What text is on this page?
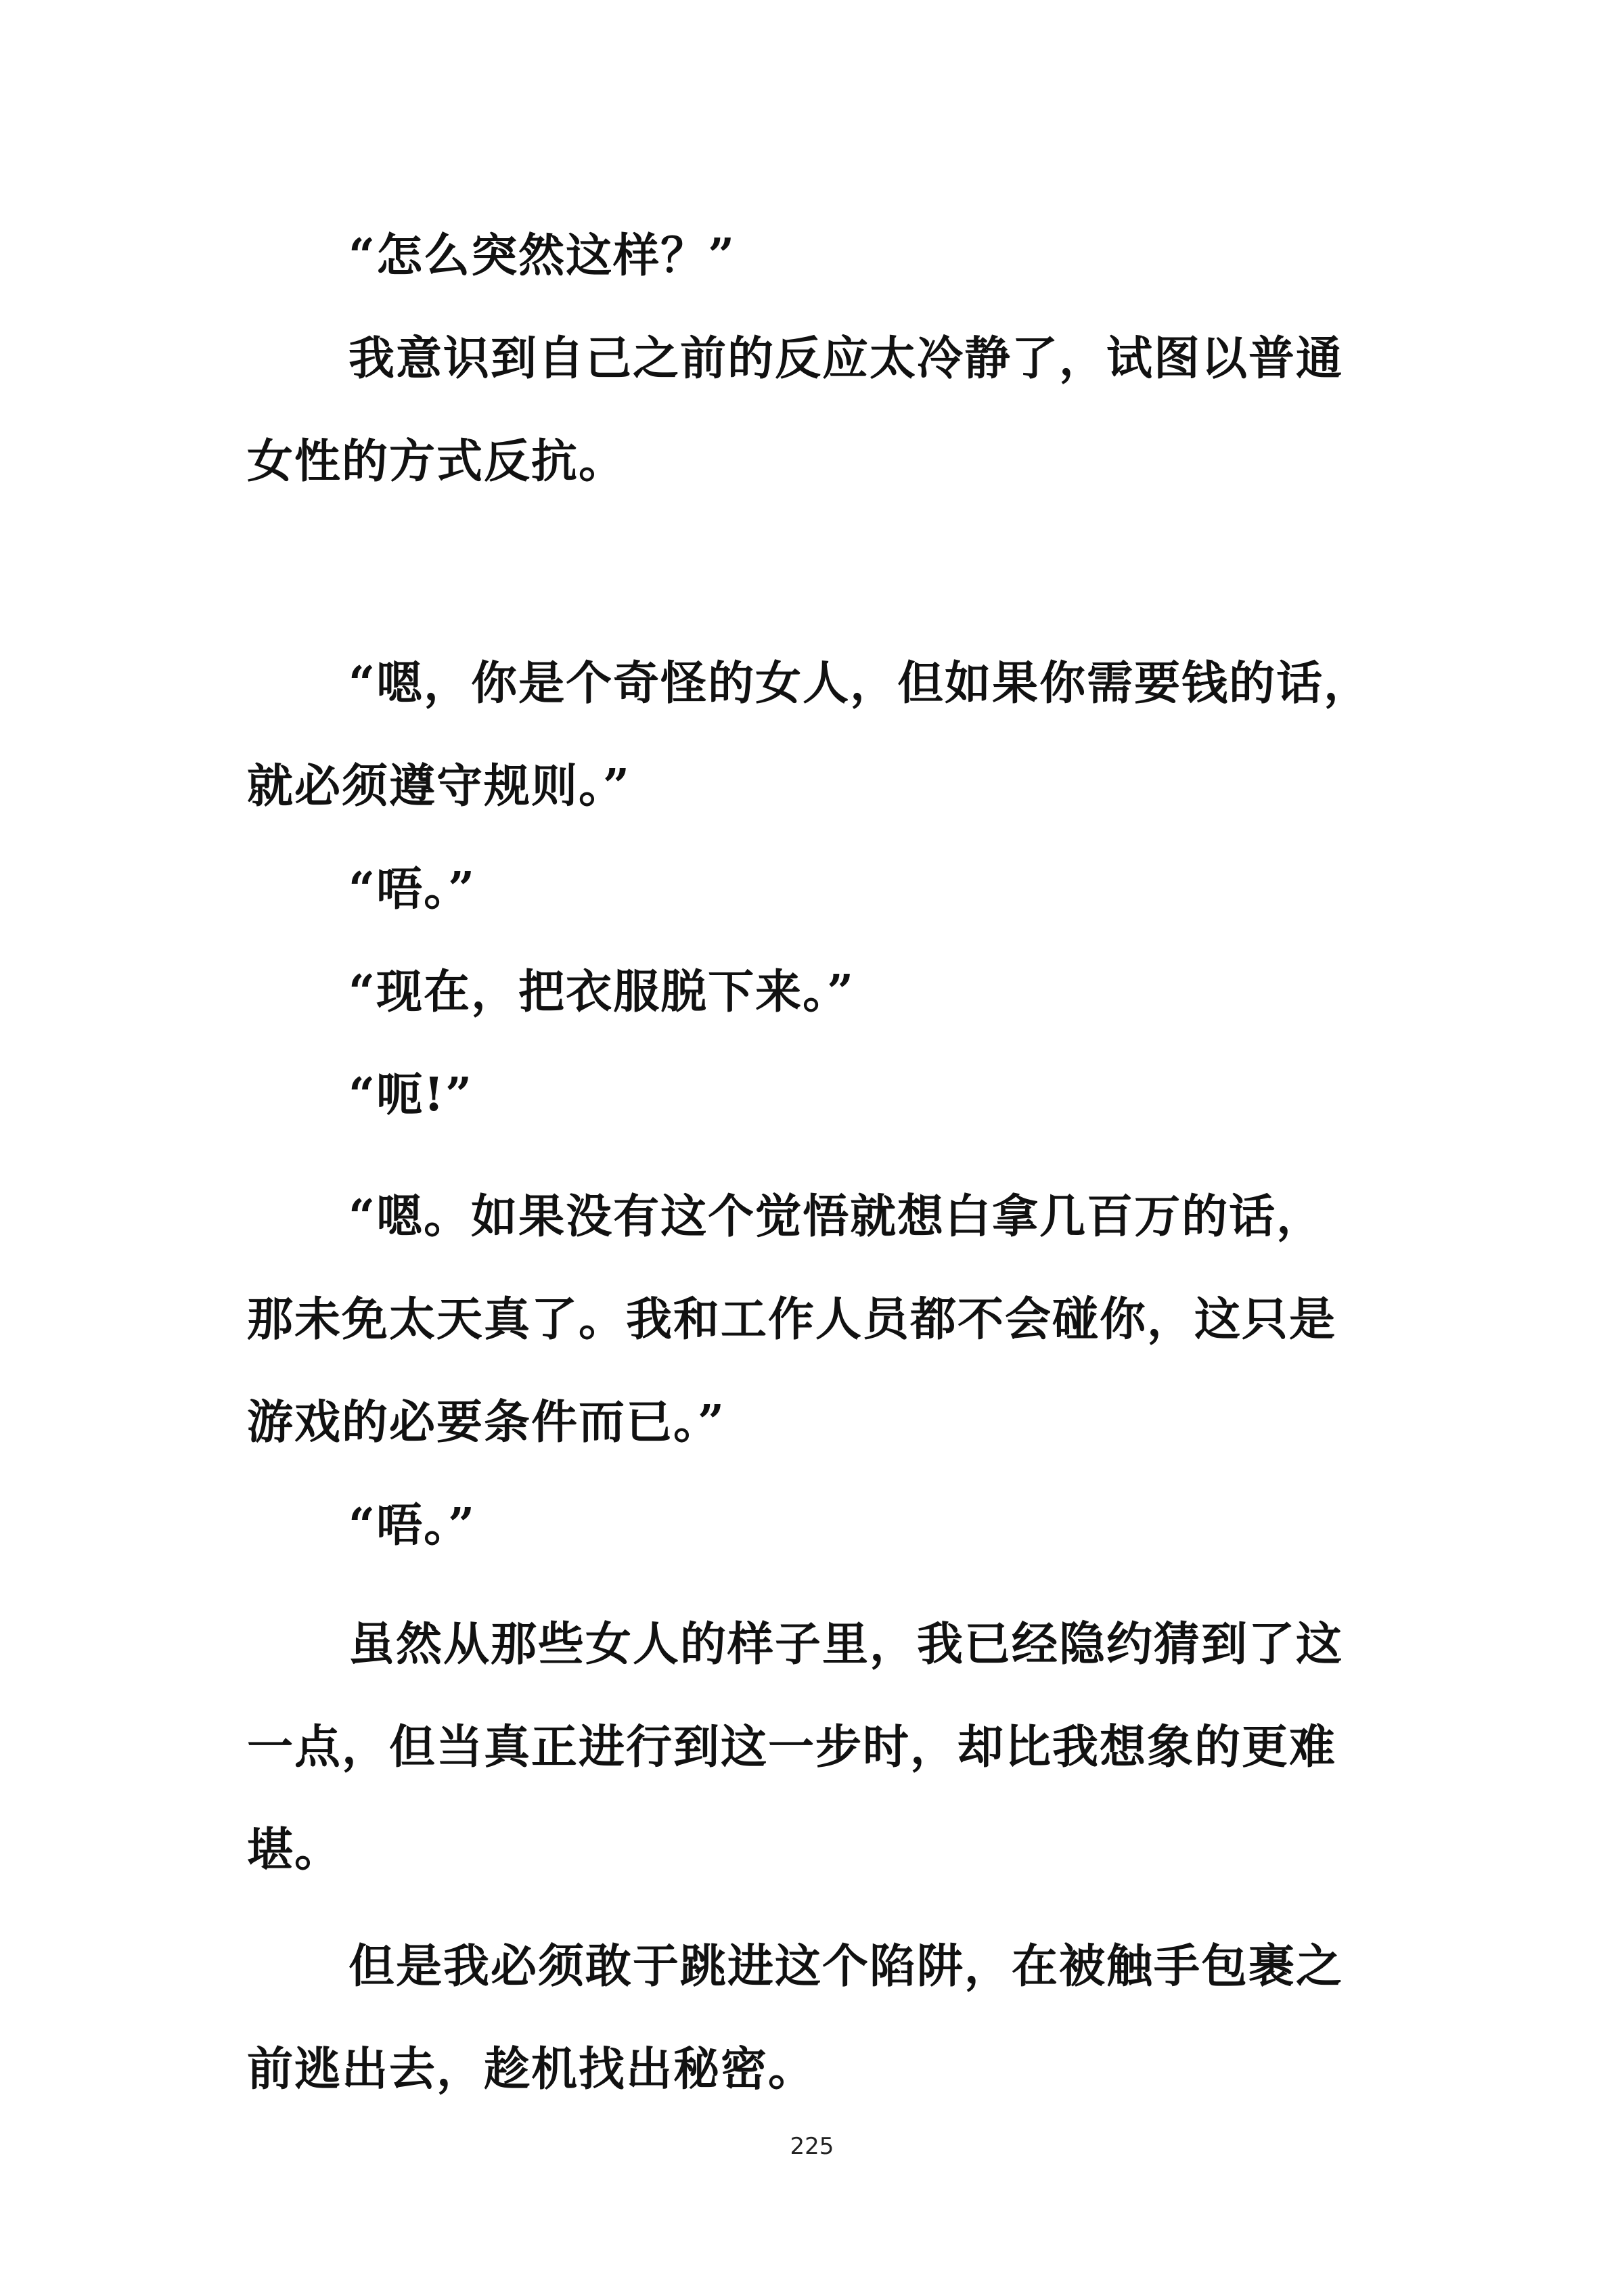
“怎么突然这样？”
我意识到自己之前的反应太冷静了，试图以普通
女性的方式反抗。
“嗯，你是个奇怪的女人，但如果你需要钱的话，
就必须遵守规则。”
“唔。”
“现在，把衣服脱下来。”
“呃!”
“嗯。如果没有这个觉悟就想白拿几百万的话，
那未免太天真了。我和工作人员都不会碰你，这只是
游戏的必要条件而已。”
“唔。”
虽然从那些女人的样子里，我已经隐约猜到了这
一点，但当真正进行到这一步时，却比我想象的更难
堪。
但是我必须敢于跳进这个陷阱，在被触手包裹之
前逃出去，趁机找出秘密。
225
